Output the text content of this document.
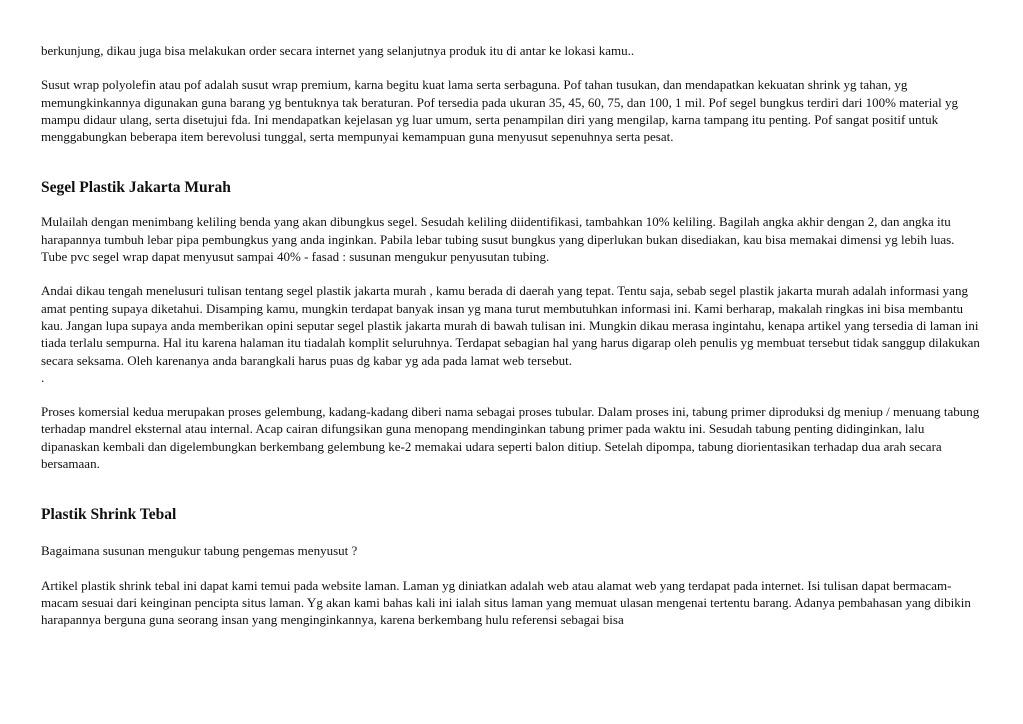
berkunjung, dikau juga bisa melakukan order secara internet yang selanjutnya produk itu di antar ke lokasi kamu..

Susut wrap polyolefin atau pof adalah susut wrap premium, karna begitu kuat lama serta serbaguna. Pof tahan tusukan, dan mendapatkan kekuatan shrink yg tahan, yg memungkinkannya digunakan guna barang yg bentuknya tak beraturan. Pof tersedia pada ukuran 35, 45, 60, 75, dan 100, 1 mil. Pof segel bungkus terdiri dari 100% material yg mampu didaur ulang, serta disetujui fda. Ini mendapatkan kejelasan yg luar umum, serta penampilan diri yang mengilap, karna tampang itu penting. Pof sangat positif untuk menggabungkan beberapa item berevolusi tunggal, serta mempunyai kemampuan guna menyusut sepenuhnya serta pesat.

Segel Plastik Jakarta Murah

Mulailah dengan menimbang keliling benda yang akan dibungkus segel. Sesudah keliling diidentifikasi, tambahkan 10% keliling. Bagilah angka akhir dengan 2, dan angka itu harapannya tumbuh lebar pipa pembungkus yang anda inginkan. Pabila lebar tubing susut bungkus yang diperlukan bukan disediakan, kau bisa memakai dimensi yg lebih luas. Tube pvc segel wrap dapat menyusut sampai 40% - fasad : susunan mengukur penyusutan tubing.

Andai dikau tengah menelusuri tulisan tentang segel plastik jakarta murah , kamu berada di daerah yang tepat. Tentu saja, sebab segel plastik jakarta murah adalah informasi yang amat penting supaya diketahui. Disamping kamu, mungkin terdapat banyak insan yg mana turut membutuhkan informasi ini. Kami berharap, makalah ringkas ini bisa membantu kau. Jangan lupa supaya anda memberikan opini seputar segel plastik jakarta murah di bawah tulisan ini. Mungkin dikau merasa ingintahu, kenapa artikel yang tersedia di laman ini tiada terlalu sempurna. Hal itu karena halaman itu tiadalah komplit seluruhnya. Terdapat sebagian hal yang harus digarap oleh penulis yg membuat tersebut tidak sanggup dilakukan secara seksama. Oleh karenanya anda barangkali harus puas dg kabar yg ada pada lamat web tersebut.

.

Proses komersial kedua merupakan proses gelembung, kadang-kadang diberi nama sebagai proses tubular. Dalam proses ini, tabung primer diproduksi dg meniup / menuang tabung terhadap mandrel eksternal atau internal. Acap cairan difungsikan guna menopang mendinginkan tabung primer pada waktu ini. Sesudah tabung penting didinginkan, lalu dipanaskan kembali dan digelembungkan berkembang gelembung ke-2 memakai udara seperti balon ditiup. Setelah dipompa, tabung diorientasikan terhadap dua arah secara bersamaan.

Plastik Shrink Tebal

Bagaimana susunan mengukur tabung pengemas menyusut ?

Artikel plastik shrink tebal ini dapat kami temui pada website laman. Laman yg diniatkan adalah web atau alamat web yang terdapat pada internet. Isi tulisan dapat bermacam-macam sesuai dari keinginan pencipta situs laman. Yg akan kami bahas kali ini ialah situs laman yang memuat ulasan mengenai tertentu barang. Adanya pembahasan yang dibikin harapannya berguna guna seorang insan yang menginginkannya, karena berkembang hulu referensi sebagai bisa
